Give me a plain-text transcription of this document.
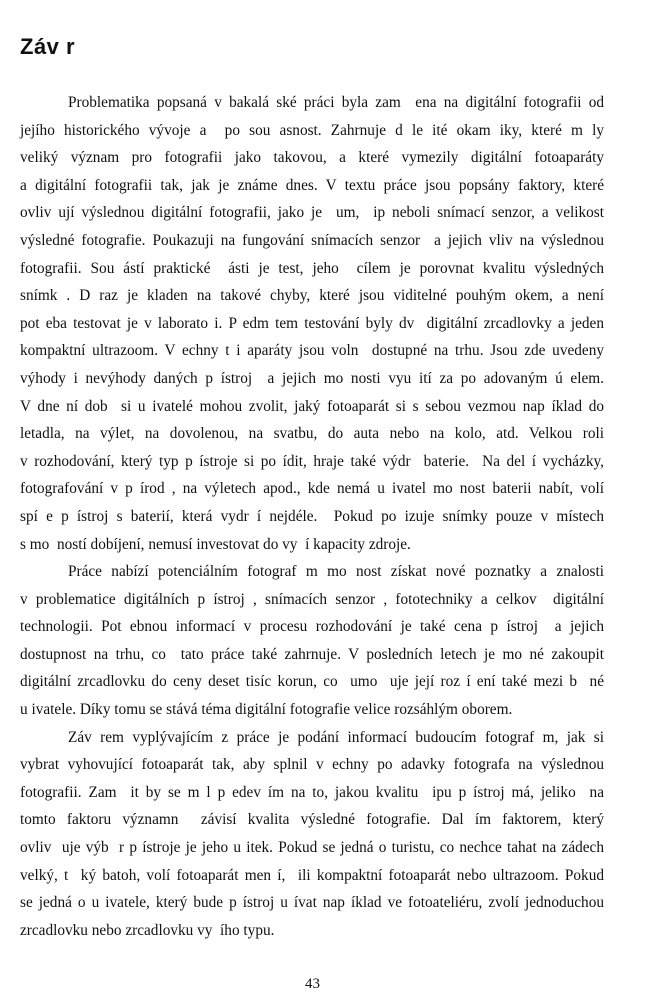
Záv r
Problematika popsaná v bakalá ské práci byla zam  ena na digitální fotografii od
jejího historického vývoje a  po sou asnost. Zahrnuje d le ité okam iky, které m ly
veliký význam pro fotografii jako takovou, a které vymezily digitální fotoaparáty
a digitální fotografii tak, jak je známe dnes. V textu práce jsou popsány faktory, které
ovliv ují výslednou digitální fotografii, jako je  um,  ip neboli snímací senzor, a velikost
výsledné fotografie. Poukazuji na fungování snímacích senzor  a jejich vliv na výslednou
fotografii. Sou ástí praktické  ásti je test, jeho  cílem je porovnat kvalitu výsledných
snímk . D raz je kladen na takové chyby, které jsou viditelné pouhým okem, a není
pot eba testovat je v laborato i. P edm tem testování byly dv  digitální zrcadlovky a jeden
kompaktní ultrazoom. V echny t i aparáty jsou voln  dostupné na trhu. Jsou zde uvedeny
výhody i nevýhody daných p ístroj  a jejich mo nosti vyu ití za po adovaným ú elem.
V dne ní dob  si u ivatelé mohou zvolit, jaký fotoaparát si s sebou vezmou nap íklad do
letadla, na výlet, na dovolenou, na svatbu, do auta nebo na kolo, atd. Velkou roli
v rozhodování, který typ p ístroje si po ídit, hraje také výdr  baterie.  Na del í vycházky,
fotografování v p írod , na výletech apod., kde nemá u ivatel mo nost baterii nabít, volí
spí e p ístroj s baterií, která vydr í nejdéle.  Pokud po izuje snímky pouze v místech
s mo  ností dobíjení, nemusí investovat do vy  í kapacity zdroje.
Práce nabízí potenciálním fotograf m mo nost získat nové poznatky a znalosti
v problematice digitálních p ístroj , snímacích senzor , fototechniky a celkov  digitální
technologii. Pot ebnou informací v procesu rozhodování je také cena p ístroj  a jejich
dostupnost na trhu, co  tato práce také zahrnuje. V posledních letech je mo né zakoupit
digitální zrcadlovku do ceny deset tisíc korun, co  umo  uje její roz í ení také mezi b  né
u ivatele. Díky tomu se stává téma digitální fotografie velice rozsáhlým oborem.
Záv rem vyplývajícím z práce je podání informací budoucím fotograf m, jak si
vybrat vyhovující fotoaparát tak, aby splnil v echny po adavky fotografa na výslednou
fotografii. Zam  it by se m l p edev ím na to, jakou kvalitu  ipu p ístroj má, jeliko  na
tomto faktoru významn  závisí kvalita výsledné fotografie. Dal ím faktorem, který
ovliv  uje výb  r p ístroje je jeho u itek. Pokud se jedná o turistu, co nechce tahat na zádech
velký, t  ký batoh, volí fotoaparát men í,  ili kompaktní fotoaparát nebo ultrazoom. Pokud
se jedná o u ivatele, který bude p ístroj u ívat nap íklad ve fotoateliéru, zvolí jednoduchou
zrcadlovku nebo zrcadlovku vy  ího typu.
43
